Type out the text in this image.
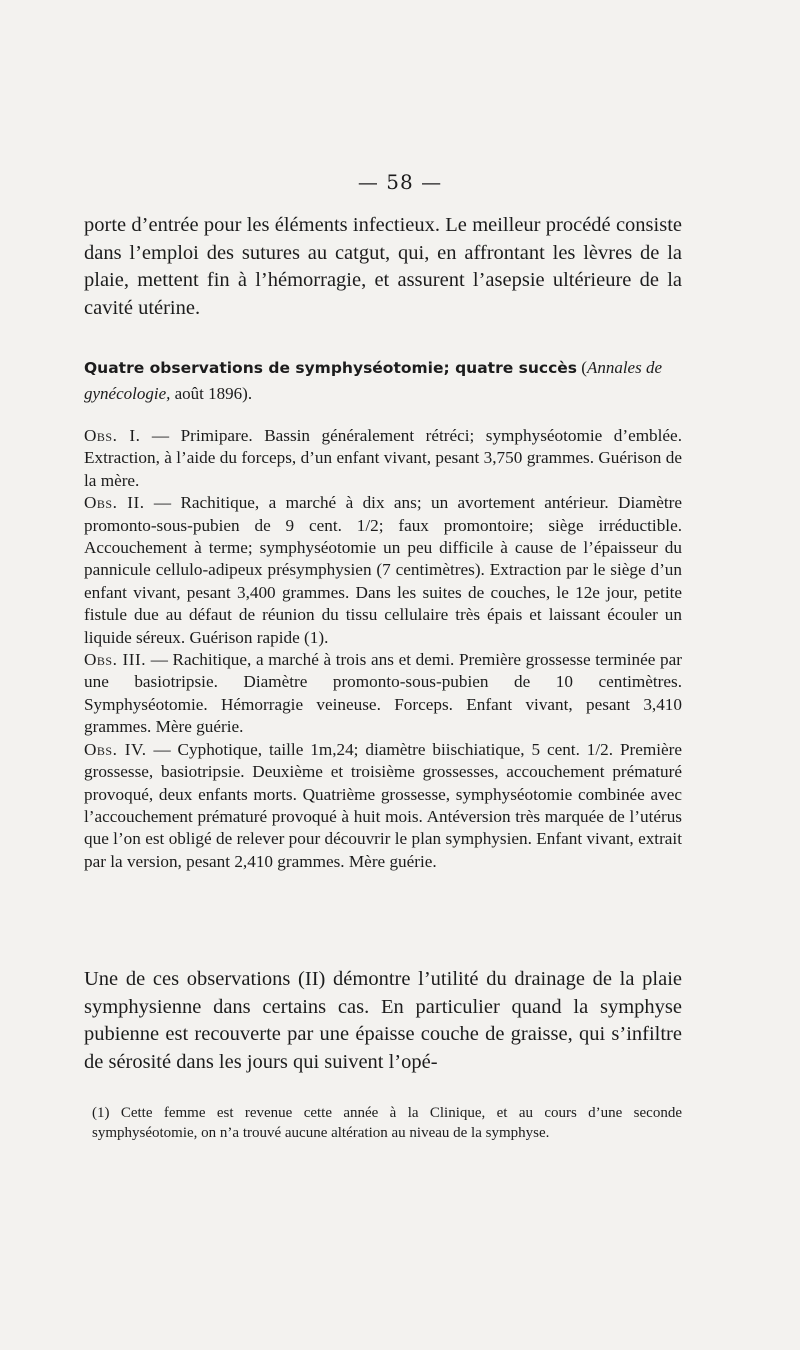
— 58 —

porte d’entrée pour les éléments infectieux. Le meilleur procédé consiste dans l’emploi des sutures au catgut, qui, en affrontant les lèvres de la plaie, mettent fin à l’hémorragie, et assurent l’asepsie ultérieure de la cavité utérine.

Quatre observations de symphyséotomie; quatre succès (Annales de gynécologie, août 1896).

Obs. I. — Primipare. Bassin généralement rétréci; symphyséotomie d’emblée. Extraction, à l’aide du forceps, d’un enfant vivant, pesant 3,750 grammes. Guérison de la mère.

Obs. II. — Rachitique, a marché à dix ans; un avortement antérieur. Diamètre promonto-sous-pubien de 9 cent. 1/2; faux promontoire; siège irréductible. Accouchement à terme; symphyséotomie un peu difficile à cause de l’épaisseur du pannicule cellulo-adipeux présymphysien (7 centimètres). Extraction par le siège d’un enfant vivant, pesant 3,400 grammes. Dans les suites de couches, le 12e jour, petite fistule due au défaut de réunion du tissu cellulaire très épais et laissant écouler un liquide séreux. Guérison rapide (1).

Obs. III. — Rachitique, a marché à trois ans et demi. Première grossesse terminée par une basiotripsie. Diamètre promonto-sous-pubien de 10 centimètres. Symphyséotomie. Hémorragie veineuse. Forceps. Enfant vivant, pesant 3,410 grammes. Mère guérie.

Obs. IV. — Cyphotique, taille 1m,24; diamètre biischiatique, 5 cent. 1/2. Première grossesse, basiotripsie. Deuxième et troisième grossesses, accouchement prématuré provoqué, deux enfants morts. Quatrième grossesse, symphyséotomie combinée avec l’accouchement prématuré provoqué à huit mois. Antéversion très marquée de l’utérus que l’on est obligé de relever pour découvrir le plan symphysien. Enfant vivant, extrait par la version, pesant 2,410 grammes. Mère guérie.

Une de ces observations (II) démontre l’utilité du drainage de la plaie symphysienne dans certains cas. En particulier quand la symphyse pubienne est recouverte par une épaisse couche de graisse, qui s’infiltre de sérosité dans les jours qui suivent l’opé-

(1) Cette femme est revenue cette année à la Clinique, et au cours d’une seconde symphyséotomie, on n’a trouvé aucune altération au niveau de la symphyse.
